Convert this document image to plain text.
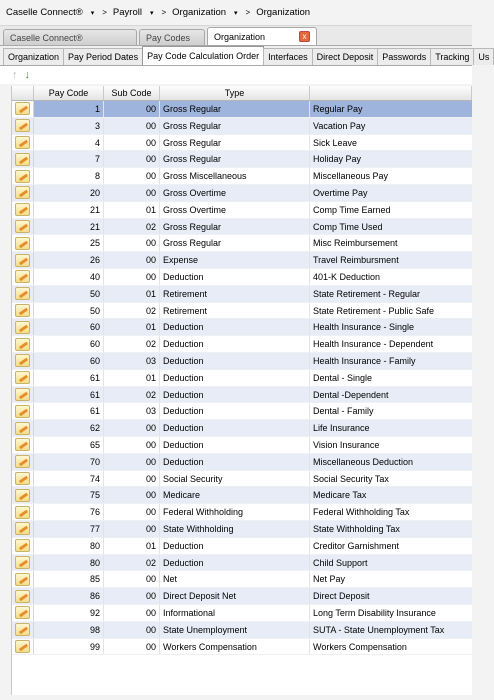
Caselle Connect® ▾ > Payroll ▾ > Organization ▾ > Organization
Caselle Connect®	Pay Codes	Organization	x
Organization	Pay Period Dates	Pay Code Calculation Order	Interfaces	Direct Deposit	Passwords	Tracking	Us
↑ ↓
Pay Code	Sub Code	Type
1	00 Gross Regular	Regular Pay
3	00 Gross Regular	Vacation Pay
4	00 Gross Regular	Sick Leave
7	00 Gross Regular	Holiday Pay
8	00 Gross Miscellaneous	Miscellaneous Pay
20	00 Gross Overtime	Overtime Pay
21	01 Gross Overtime	Comp Time Earned
21	02 Gross Regular	Comp Time Used
25	00 Gross Regular	Misc Reimbursement
26	00 Expense	Travel Reimbursment
40	00 Deduction	401-K Deduction
50	01 Retirement	State Retirement - Regular
50	02 Retirement	State Retirement - Public Safe
60	01 Deduction	Health Insurance - Single
60	02 Deduction	Health Insurance - Dependent
60	03 Deduction	Health Insurance - Family
61	01 Deduction	Dental - Single
61	02 Deduction	Dental -Dependent
61	03 Deduction	Dental - Family
62	00 Deduction	Life Insurance
65	00 Deduction	Vision Insurance
70	00 Deduction	Miscellaneous Deduction
74	00 Social Security	Social Security Tax
75	00 Medicare	Medicare Tax
76	00 Federal Withholding	Federal Withholding Tax
77	00 State Withholding	State Withholding Tax
80	01 Deduction	Creditor Garnishment
80	02 Deduction	Child Support
85	00 Net	Net Pay
86	00 Direct Deposit Net	Direct Deposit
92	00 Informational	Long Term Disability Insurance
98	00 State Unemployment	SUTA - State Unemployment Tax
99	00 Workers Compensation	Workers Compensation
